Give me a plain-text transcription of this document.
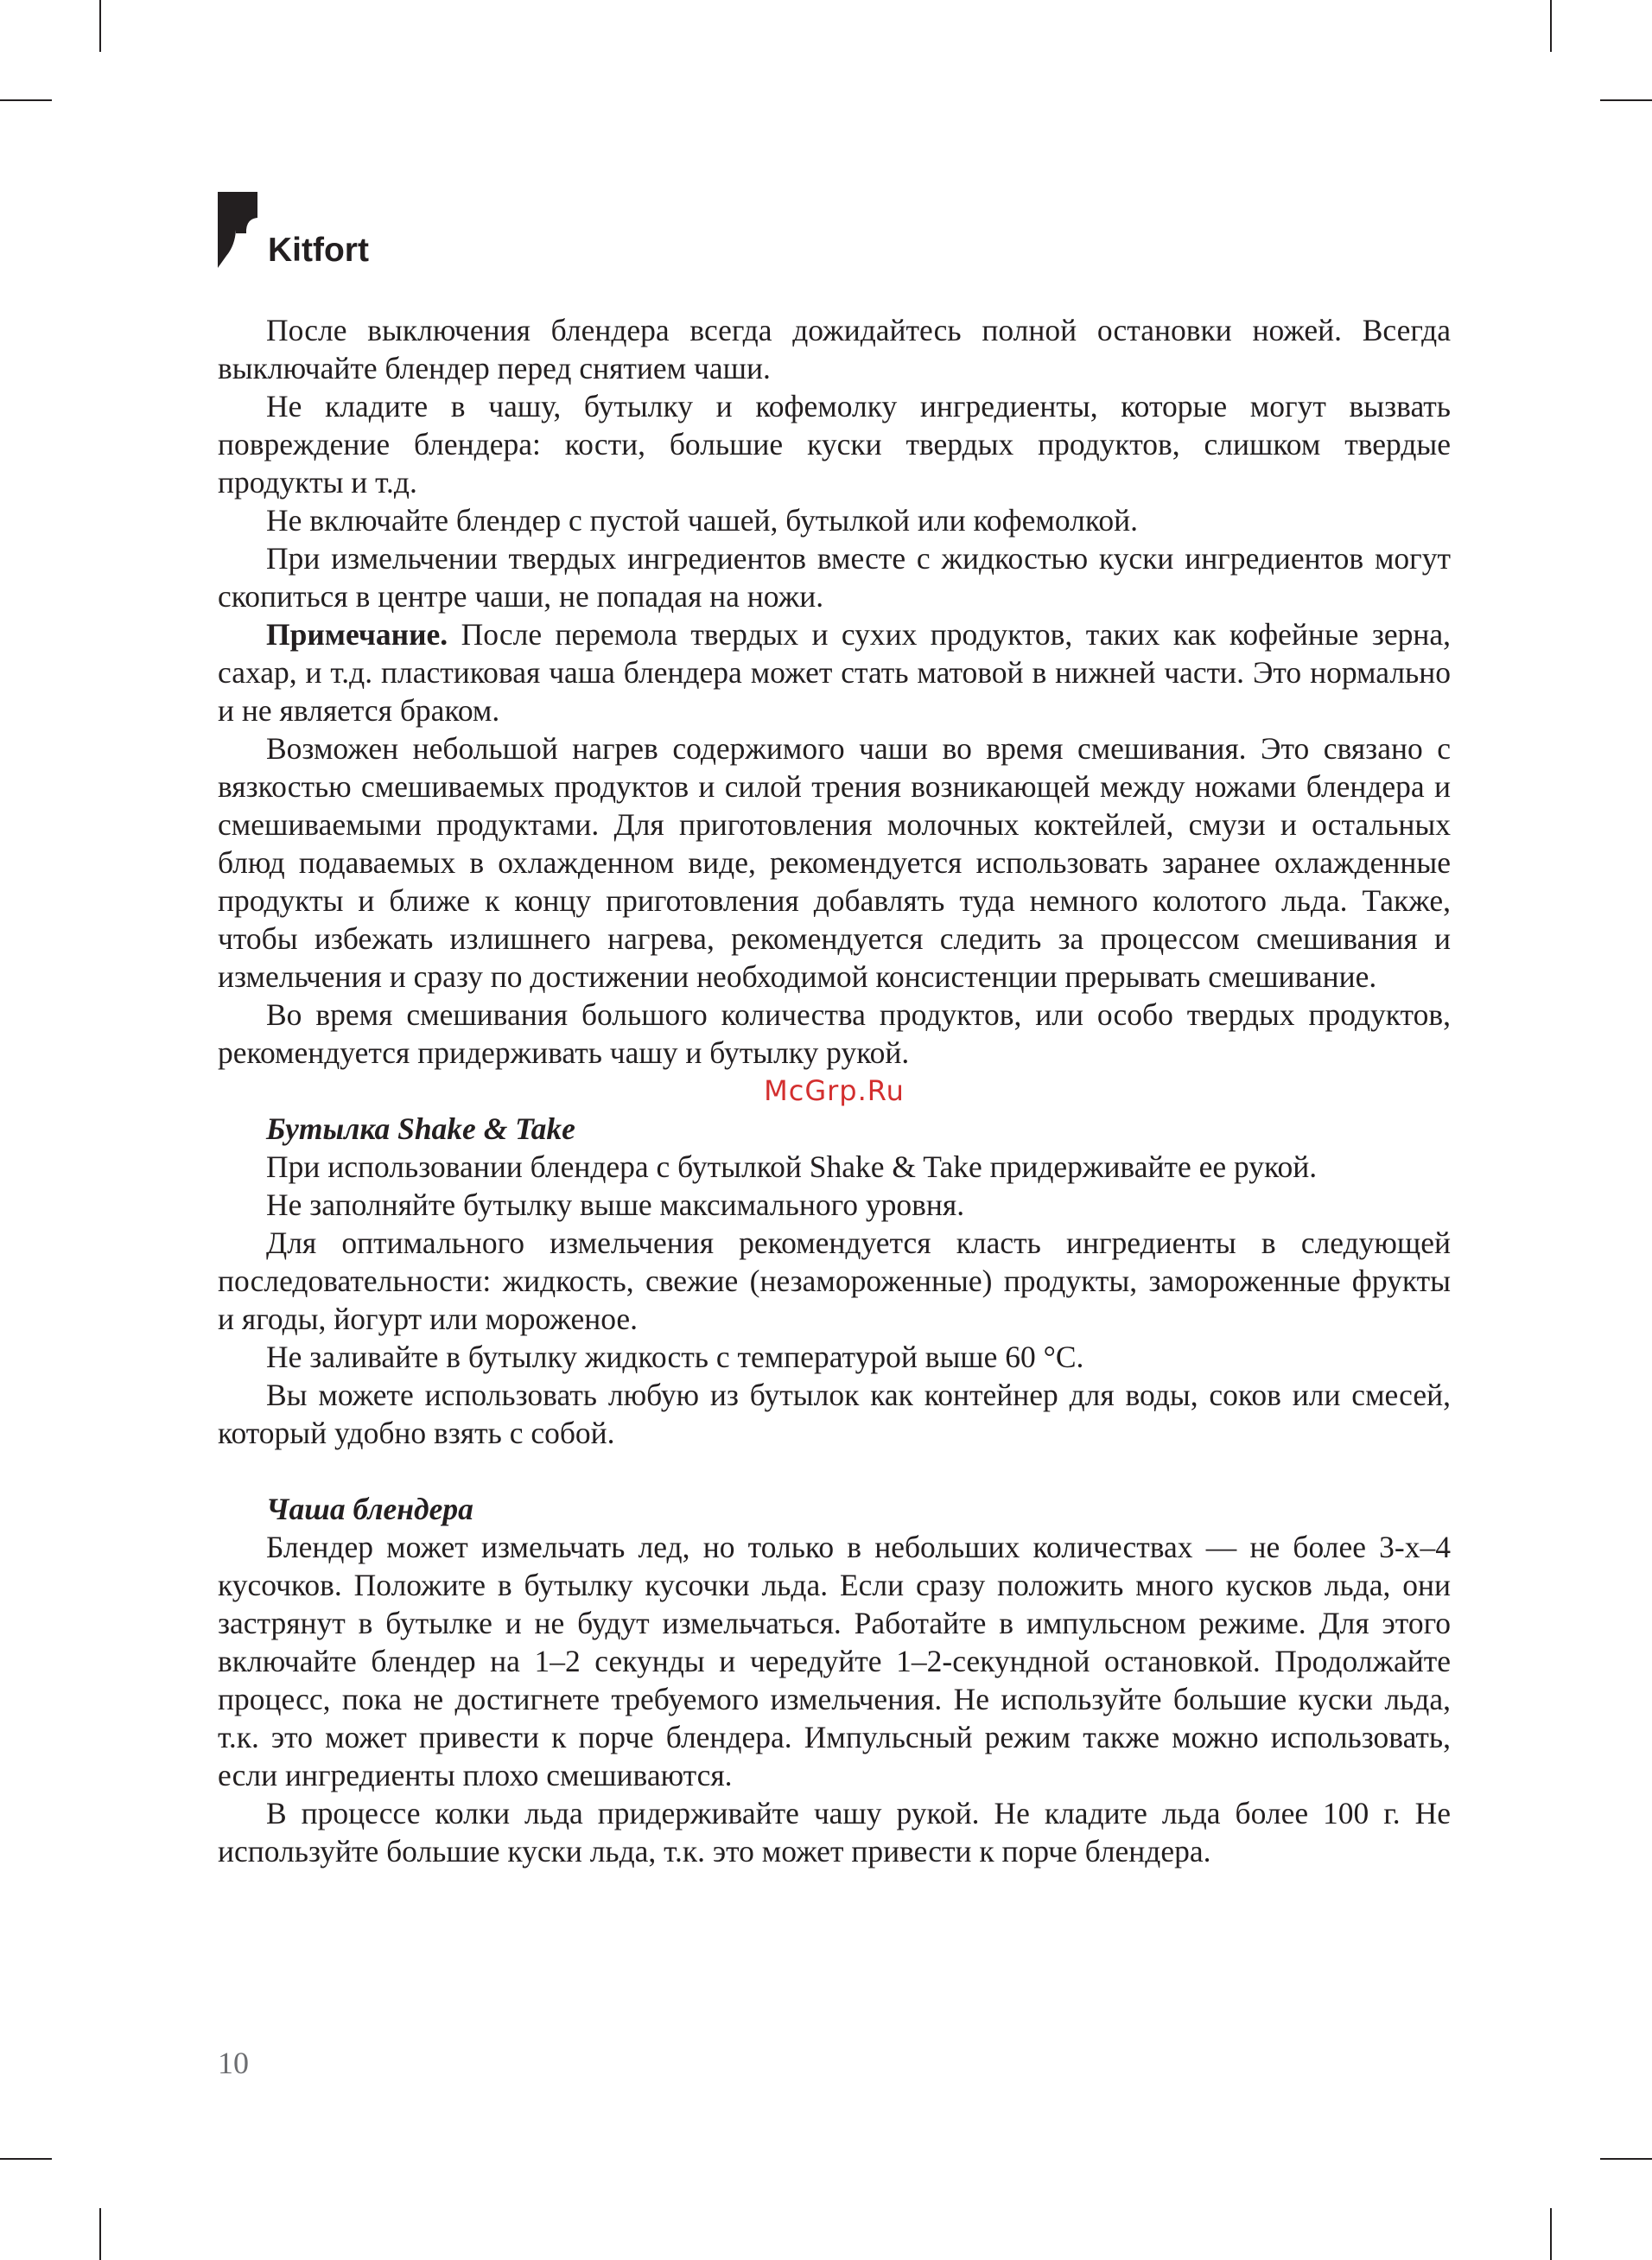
Kitfort

После выключения блендера всегда дожидайтесь полной остановки ножей. Всегда выключайте блендер перед снятием чаши.

Не кладите в чашу, бутылку и кофемолку ингредиенты, которые могут вызвать повреждение блендера: кости, большие куски твердых продуктов, слишком твердые продукты и т.д.

Не включайте блендер с пустой чашей, бутылкой или кофемолкой.

При измельчении твердых ингредиентов вместе с жидкостью куски ингредиентов могут скопиться в центре чаши, не попадая на ножи.

Примечание. После перемола твердых и сухих продуктов, таких как кофейные зерна, сахар, и т.д. пластиковая чаша блендера может стать матовой в нижней части. Это нормально и не является браком.

Возможен небольшой нагрев содержимого чаши во время смешивания. Это связано с вязкостью смешиваемых продуктов и силой трения возникающей между ножами блендера и смешиваемыми продуктами. Для приготовления молочных коктейлей, смузи и остальных блюд подаваемых в охлажденном виде, рекомендуется использовать заранее охлажденные продукты и ближе к концу приготовления добавлять туда немного колотого льда. Также, чтобы избежать излишнего нагрева, рекомендуется следить за процессом смешивания и измельчения и сразу по достижении необходимой консистенции прерывать смешивание.

Во время смешивания большого количества продуктов, или особо твердых продуктов, рекомендуется придерживать чашу и бутылку рукой.

McGrp.Ru

Бутылка Shake & Take

При использовании блендера с бутылкой Shake & Take придерживайте ее рукой.

Не заполняйте бутылку выше максимального уровня.

Для оптимального измельчения рекомендуется класть ингредиенты в следующей последовательности: жидкость, свежие (незамороженные) продукты, замороженные фрукты и ягоды, йогурт или мороженое.

Не заливайте в бутылку жидкость с температурой выше 60 °C.

Вы можете использовать любую из бутылок как контейнер для воды, соков или смесей, который удобно взять с собой.

Чаша блендера

Блендер может измельчать лед, но только в небольших количествах — не более 3-х–4 кусочков. Положите в бутылку кусочки льда. Если сразу положить много кусков льда, они застрянут в бутылке и не будут измельчаться. Работайте в импульсном режиме. Для этого включайте блендер на 1–2 секунды и чередуйте 1–2-секундной остановкой. Продолжайте процесс, пока не достигнете требуемого измельчения. Не используйте большие куски льда, т.к. это может привести к порче блендера. Импульсный режим также можно использовать, если ингредиенты плохо смешиваются.

В процессе колки льда придерживайте чашу рукой. Не кладите льда более 100 г. Не используйте большие куски льда, т.к. это может привести к порче блендера.

10
